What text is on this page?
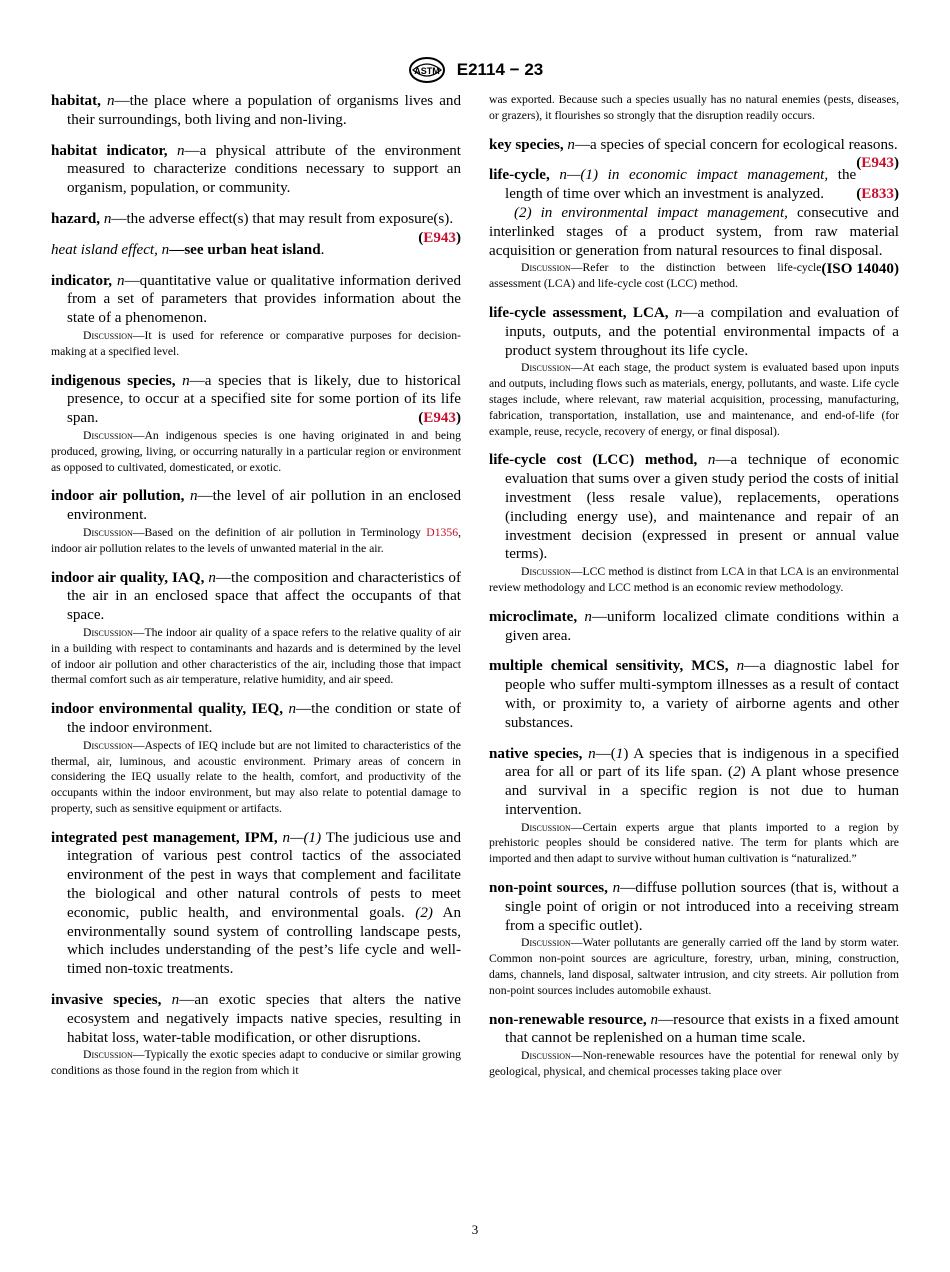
ASTM E2114 − 23

habitat, n—the place where a population of organisms lives and their surroundings, both living and non-living.

habitat indicator, n—a physical attribute of the environment measured to characterize conditions necessary to support an organism, population, or community.

hazard, n—the adverse effect(s) that may result from exposure(s).
(E943)

heat island effect, n—see urban heat island.

indicator, n—quantitative value or qualitative information derived from a set of parameters that provides information about the state of a phenomenon.

Discussion—It is used for reference or comparative purposes for decision-making at a specified level.

indigenous species, n—a species that is likely, due to historical presence, to occur at a specified site for some portion of its life span.	(E943)

Discussion—An indigenous species is one having originated in and being produced, growing, living, or occurring naturally in a particular region or environment as opposed to cultivated, domesticated, or exotic.

indoor air pollution, n—the level of air pollution in an enclosed environment.

Discussion—Based on the definition of air pollution in Terminology D1356, indoor air pollution relates to the levels of unwanted material in the air.

indoor air quality, IAQ, n—the composition and characteristics of the air in an enclosed space that affect the occupants of that space.

Discussion—The indoor air quality of a space refers to the relative quality of air in a building with respect to contaminants and hazards and is determined by the level of indoor air pollution and other characteristics of the air, including those that impact thermal comfort such as air temperature, relative humidity, and air speed.

indoor environmental quality, IEQ, n—the condition or state of the indoor environment.

Discussion—Aspects of IEQ include but are not limited to characteristics of the thermal, air, luminous, and acoustic environment. Primary areas of concern in considering the IEQ usually relate to the health, comfort, and productivity of the occupants within the indoor environment, but may also relate to potential damage to property, such as sensitive equipment or artifacts.

integrated pest management, IPM, n—(1) The judicious use and integration of various pest control tactics of the associated environment of the pest in ways that complement and facilitate the biological and other natural controls of pests to meet economic, public health, and environmental goals. (2) An environmentally sound system of controlling landscape pests, which includes understanding of the pest’s life cycle and well-timed non-toxic treatments.

invasive species, n—an exotic species that alters the native ecosystem and negatively impacts native species, resulting in habitat loss, water-table modification, or other disruptions.

Discussion—Typically the exotic species adapt to conducive or similar growing conditions as those found in the region from which it

was exported. Because such a species usually has no natural enemies (pests, diseases, or grazers), it flourishes so strongly that the disruption readily occurs.

key species, n—a species of special concern for ecological reasons.
(E943)

life-cycle, n—(1) in economic impact management, the length of time over which an investment is analyzed. (E833)
(2) in environmental impact management, consecutive and interlinked stages of a product system, from raw material acquisition or generation from natural resources to final disposal.
(ISO 14040)

Discussion—Refer to the distinction between life-cycle assessment (LCA) and life-cycle cost (LCC) method.

life-cycle assessment, LCA, n—a compilation and evaluation of inputs, outputs, and the potential environmental impacts of a product system throughout its life cycle.

Discussion—At each stage, the product system is evaluated based upon inputs and outputs, including flows such as materials, energy, pollutants, and waste. Life cycle stages include, where relevant, raw material acquisition, processing, manufacturing, fabrication, transportation, installation, use and maintenance, and end-of-life (for example, reuse, recycle, recovery of energy, or final disposal).

life-cycle cost (LCC) method, n—a technique of economic evaluation that sums over a given study period the costs of initial investment (less resale value), replacements, operations (including energy use), and maintenance and repair of an investment decision (expressed in present or annual value terms).

Discussion—LCC method is distinct from LCA in that LCA is an environmental review methodology and LCC method is an economic review methodology.

microclimate, n—uniform localized climate conditions within a given area.

multiple chemical sensitivity, MCS, n—a diagnostic label for people who suffer multi-symptom illnesses as a result of contact with, or proximity to, a variety of airborne agents and other substances.

native species, n—(1) A species that is indigenous in a specified area for all or part of its life span. (2) A plant whose presence and survival in a specific region is not due to human intervention.

Discussion—Certain experts argue that plants imported to a region by prehistoric peoples should be considered native. The term for plants which are imported and then adapt to survive without human cultivation is “naturalized.”

non-point sources, n—diffuse pollution sources (that is, without a single point of origin or not introduced into a receiving stream from a specific outlet).

Discussion—Water pollutants are generally carried off the land by storm water. Common non-point sources are agriculture, forestry, urban, mining, construction, dams, channels, land disposal, saltwater intrusion, and city streets. Air pollution from non-point sources includes automobile exhaust.

non-renewable resource, n—resource that exists in a fixed amount that cannot be replenished on a human time scale.

Discussion—Non-renewable resources have the potential for renewal only by geological, physical, and chemical processes taking place over

3
